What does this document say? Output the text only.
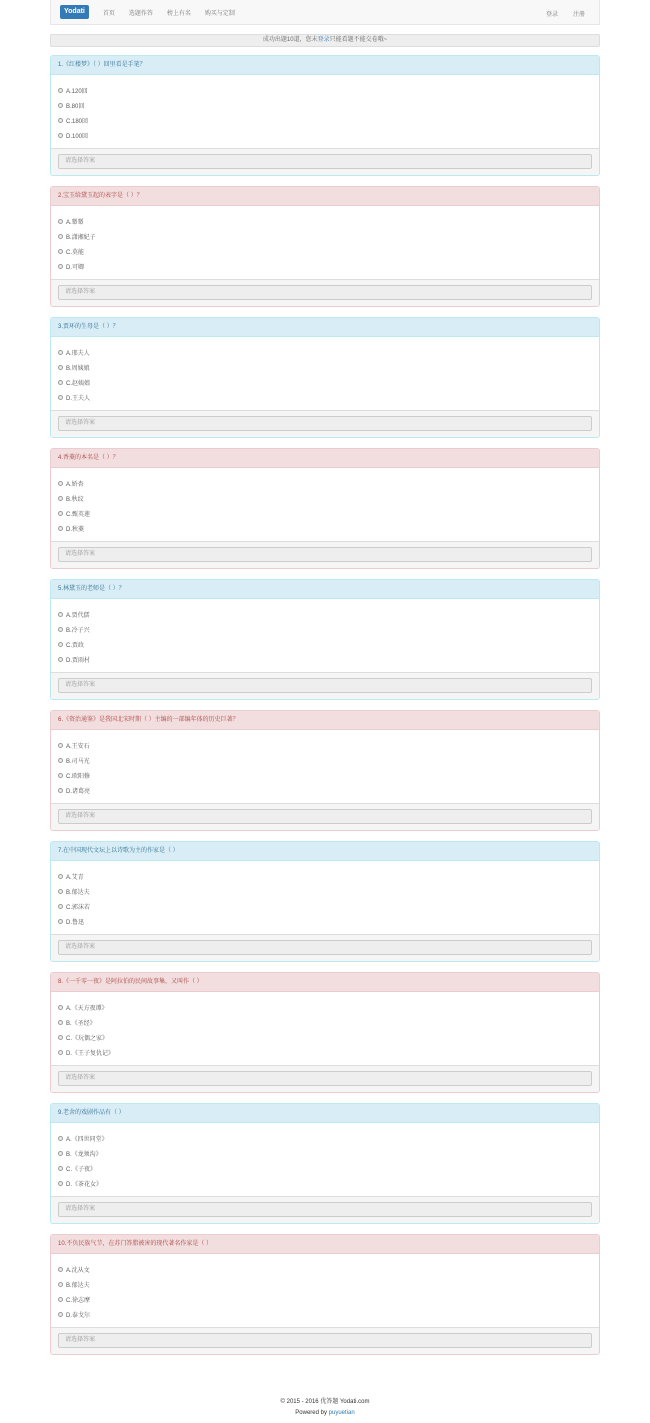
Yodati	首页 选题作答 榜上有名 购买与定制	登录	注册
成功出题10道，您未登录只能看题不能交卷哦~
1.《红楼梦》（ ）回里看是手笔？
A.120回
B.80回
C.180回
D.100回
请选择答案
2.宝玉给黛玉起的表字是（ ）？
A.颦颦
B.潇湘妃子
C.莫能
D.可卿
请选择答案
3.贾环的生母是（ ）？
A.邢夫人
B.周姨娘
C.赵姨娘
D.王夫人
请选择答案
4.香菱的本名是（ ）？
A.娇杏
B.秋纹
C.甄英莲
D.秋菱
请选择答案
5.林黛玉的老师是（ ）？
A.贾代儒
B.冷子兴
C.贾政
D.贾雨村
请选择答案
6.《资治通鉴》是我国北宋时期（ ）主编的一部编年体的历史巨著？
A.王安石
B.司马光
C.欧阳修
D.诸葛亮
请选择答案
7.在中国现代文坛上以诗歌为主的作家是（ ）
A.艾青
B.郁达夫
C.郭沫若
D.鲁迅
请选择答案
8.《一千零一夜》是阿拉伯的民间故事集，又叫作（ ）
A.《天方夜谭》
B.《圣经》
C.《玩偶之家》
D.《王子复仇记》
请选择答案
9.老舍的戏剧作品有（ ）
A.《四世同堂》
B.《龙须沟》
C.《子夜》
D.《茶花女》
请选择答案
10.不负民族气节，在苏门答腊被害的现代著名作家是（ ）
A.沈从文
B.郁达夫
C.徐志摩
D.泰戈尔
请选择答案
© 2015 - 2016 优答题 Yodati.com
Powered by puyuetian
